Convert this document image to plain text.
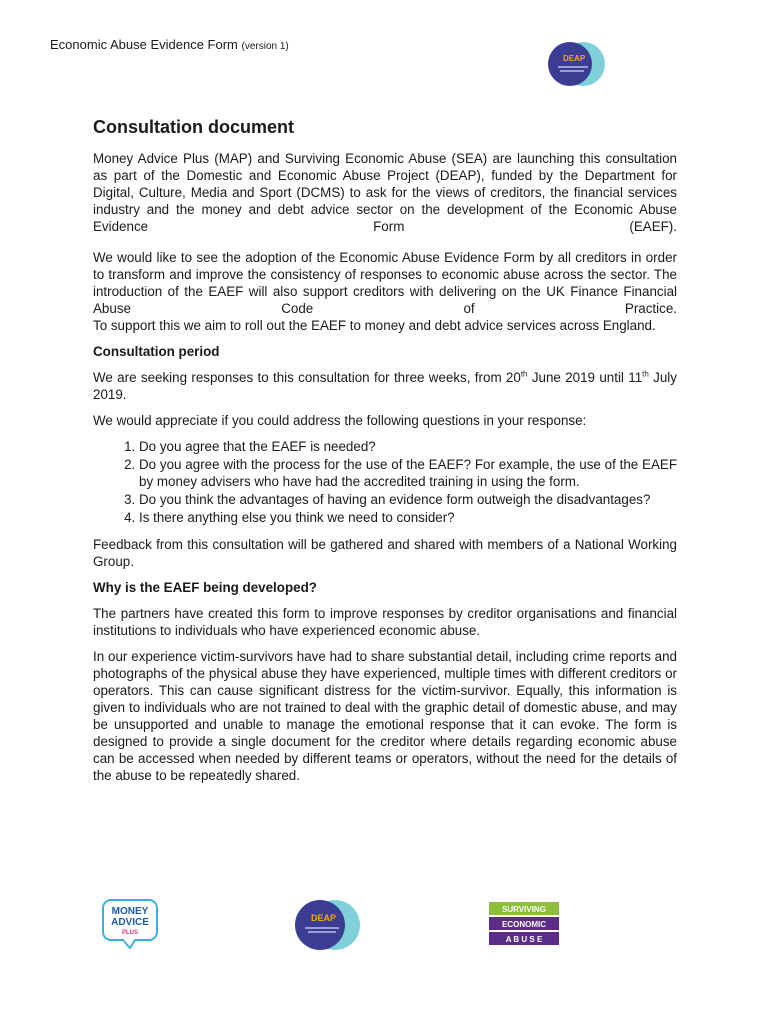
Economic Abuse Evidence Form (version 1)
DEAP
Consultation document

Money Advice Plus (MAP) and Surviving Economic Abuse (SEA) are launching this consultation as part of the Domestic and Economic Abuse Project (DEAP), funded by the Department for Digital, Culture, Media and Sport (DCMS) to ask for the views of creditors, the financial services industry and the money and debt advice sector on the development of the Economic Abuse Evidence Form (EAEF).

We would like to see the adoption of the Economic Abuse Evidence Form by all creditors in order to transform and improve the consistency of responses to economic abuse across the sector. The introduction of the EAEF will also support creditors with delivering on the UK Finance Financial Abuse Code of Practice.

To support this we aim to roll out the EAEF to money and debt advice services across England.

Consultation period

We are seeking responses to this consultation for three weeks, from 20th June 2019 until 11th July 2019.

We would appreciate if you could address the following questions in your response:

1. Do you agree that the EAEF is needed?
2. Do you agree with the process for the use of the EAEF? For example, the use of the EAEF by money advisers who have had the accredited training in using the form.
3. Do you think the advantages of having an evidence form outweigh the disadvantages?
4. Is there anything else you think we need to consider?

Feedback from this consultation will be gathered and shared with members of a National Working Group.

Why is the EAEF being developed?

The partners have created this form to improve responses by creditor organisations and financial institutions to individuals who have experienced economic abuse.

In our experience victim-survivors have had to share substantial detail, including crime reports and photographs of the physical abuse they have experienced, multiple times with different creditors or operators. This can cause significant distress for the victim-survivor. Equally, this information is given to individuals who are not trained to deal with the graphic detail of domestic abuse, and may be unsupported and unable to manage the emotional response that it can evoke. The form is designed to provide a single document for the creditor where details regarding economic abuse can be accessed when needed by different teams or operators, without the need for the details of the abuse to be repeatedly shared.

MONEY
ADVICE
PLUS
DEAP
SURVIVING
ECONOMIC
A B U S E
